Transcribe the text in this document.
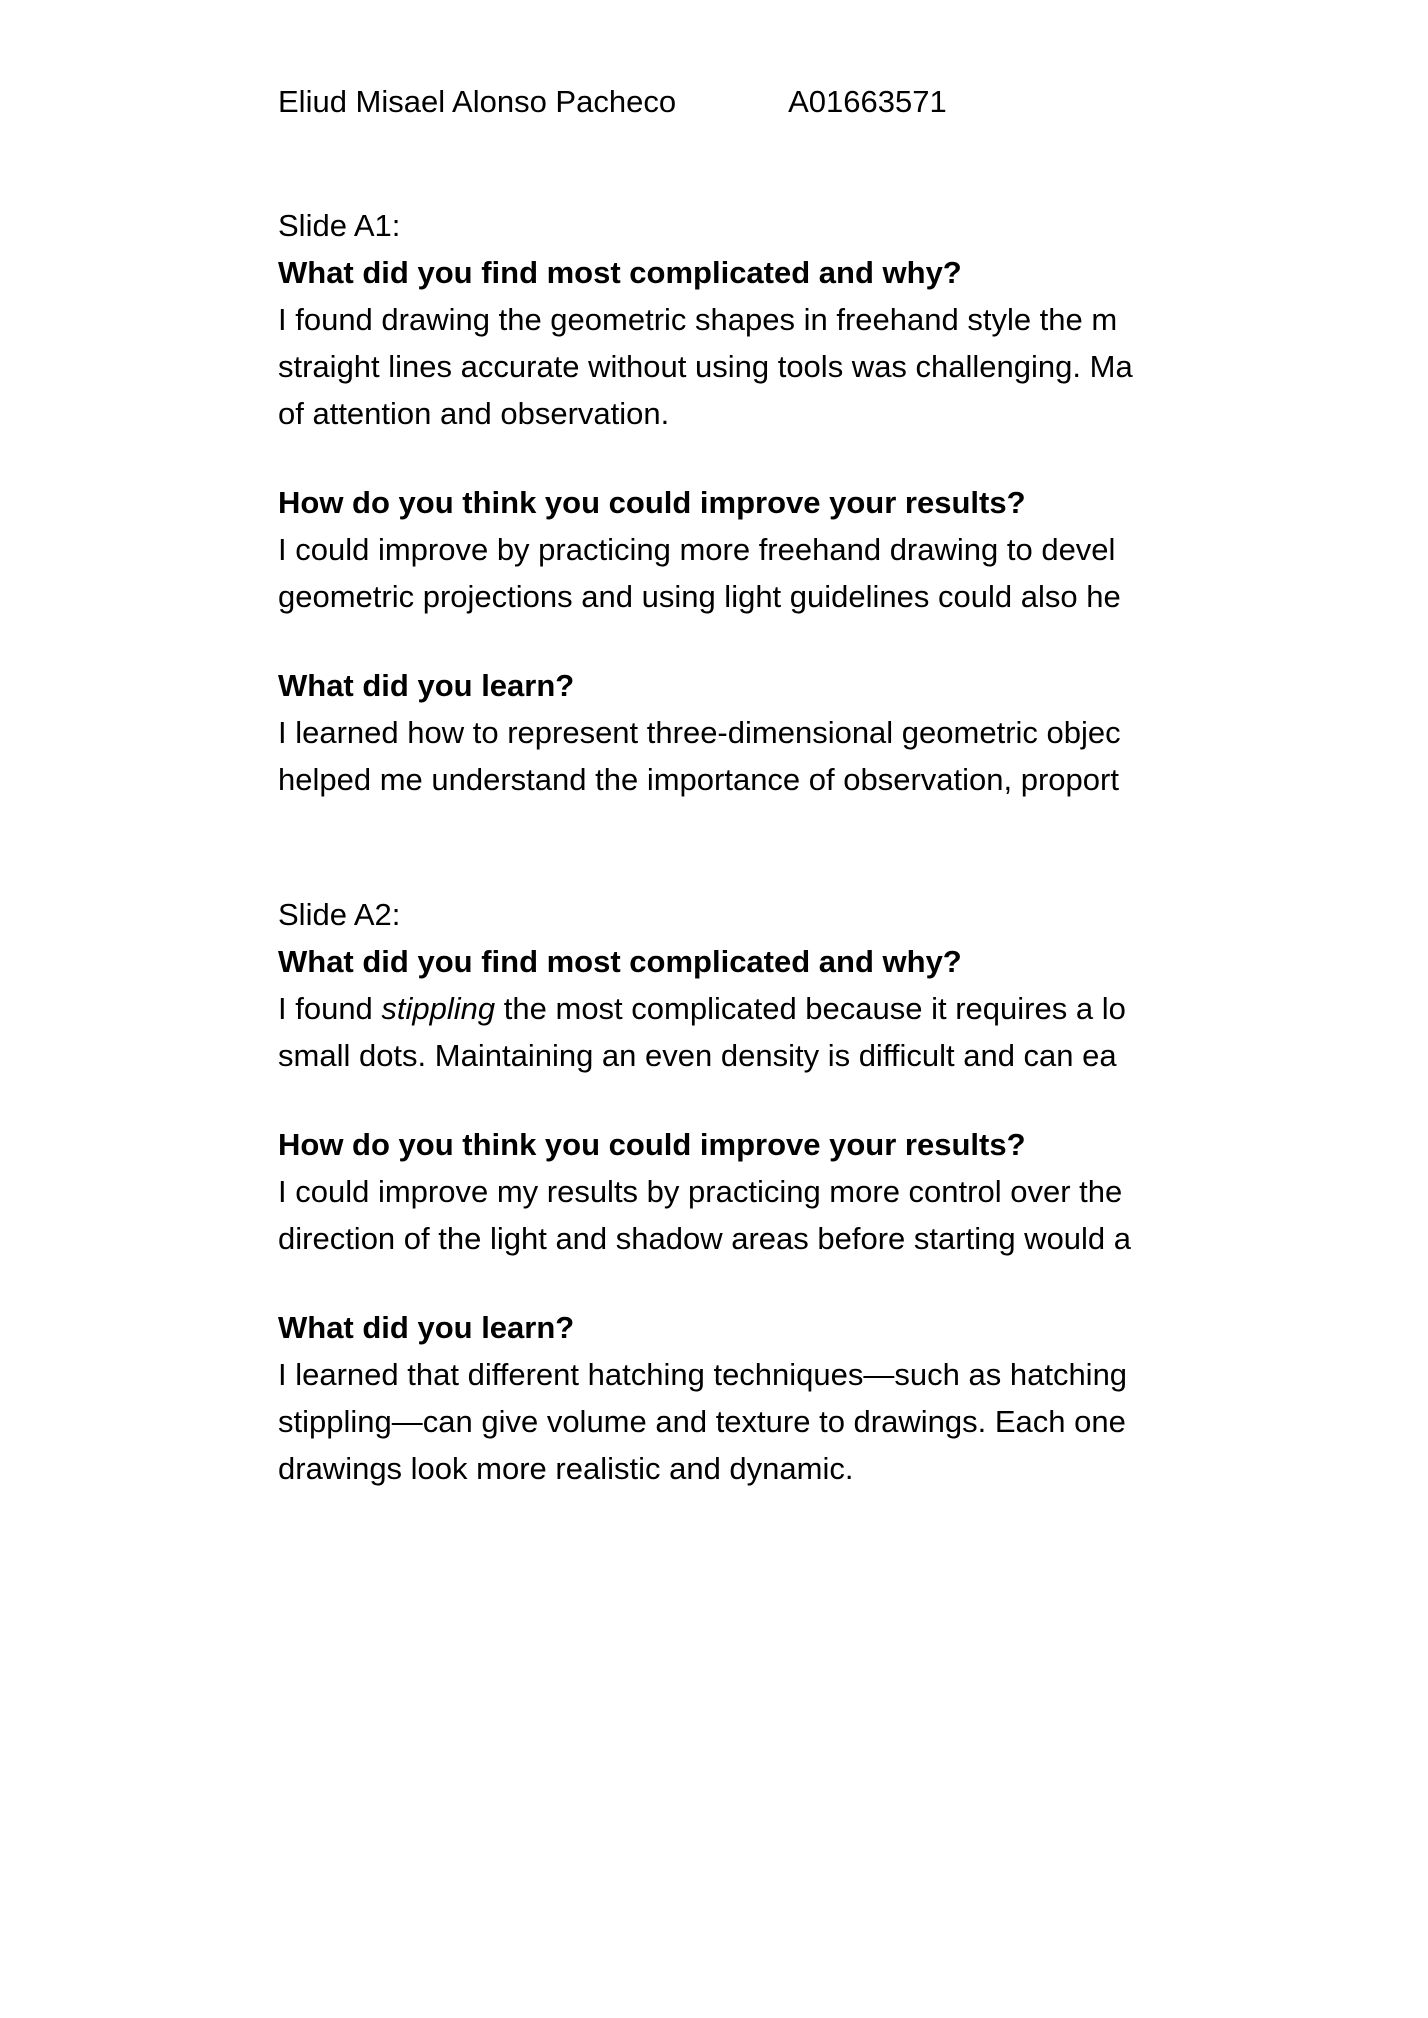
Eliud Misael Alonso Pacheco	A01663571
Slide A1:
What did you find most complicated and why?
I found drawing the geometric shapes in freehand style the m
straight lines accurate without using tools was challenging. Ma
of attention and observation.
How do you think you could improve your results?
I could improve by practicing more freehand drawing to devel
geometric projections and using light guidelines could also he
What did you learn?
I learned how to represent three-dimensional geometric objec
helped me understand the importance of observation, proport
Slide A2:
What did you find most complicated and why?
I found stippling the most complicated because it requires a lo
small dots. Maintaining an even density is difficult and can ea
How do you think you could improve your results?
I could improve my results by practicing more control over the
direction of the light and shadow areas before starting would a
What did you learn?
I learned that different hatching techniques—such as hatching
stippling—can give volume and texture to drawings. Each one
drawings look more realistic and dynamic.
